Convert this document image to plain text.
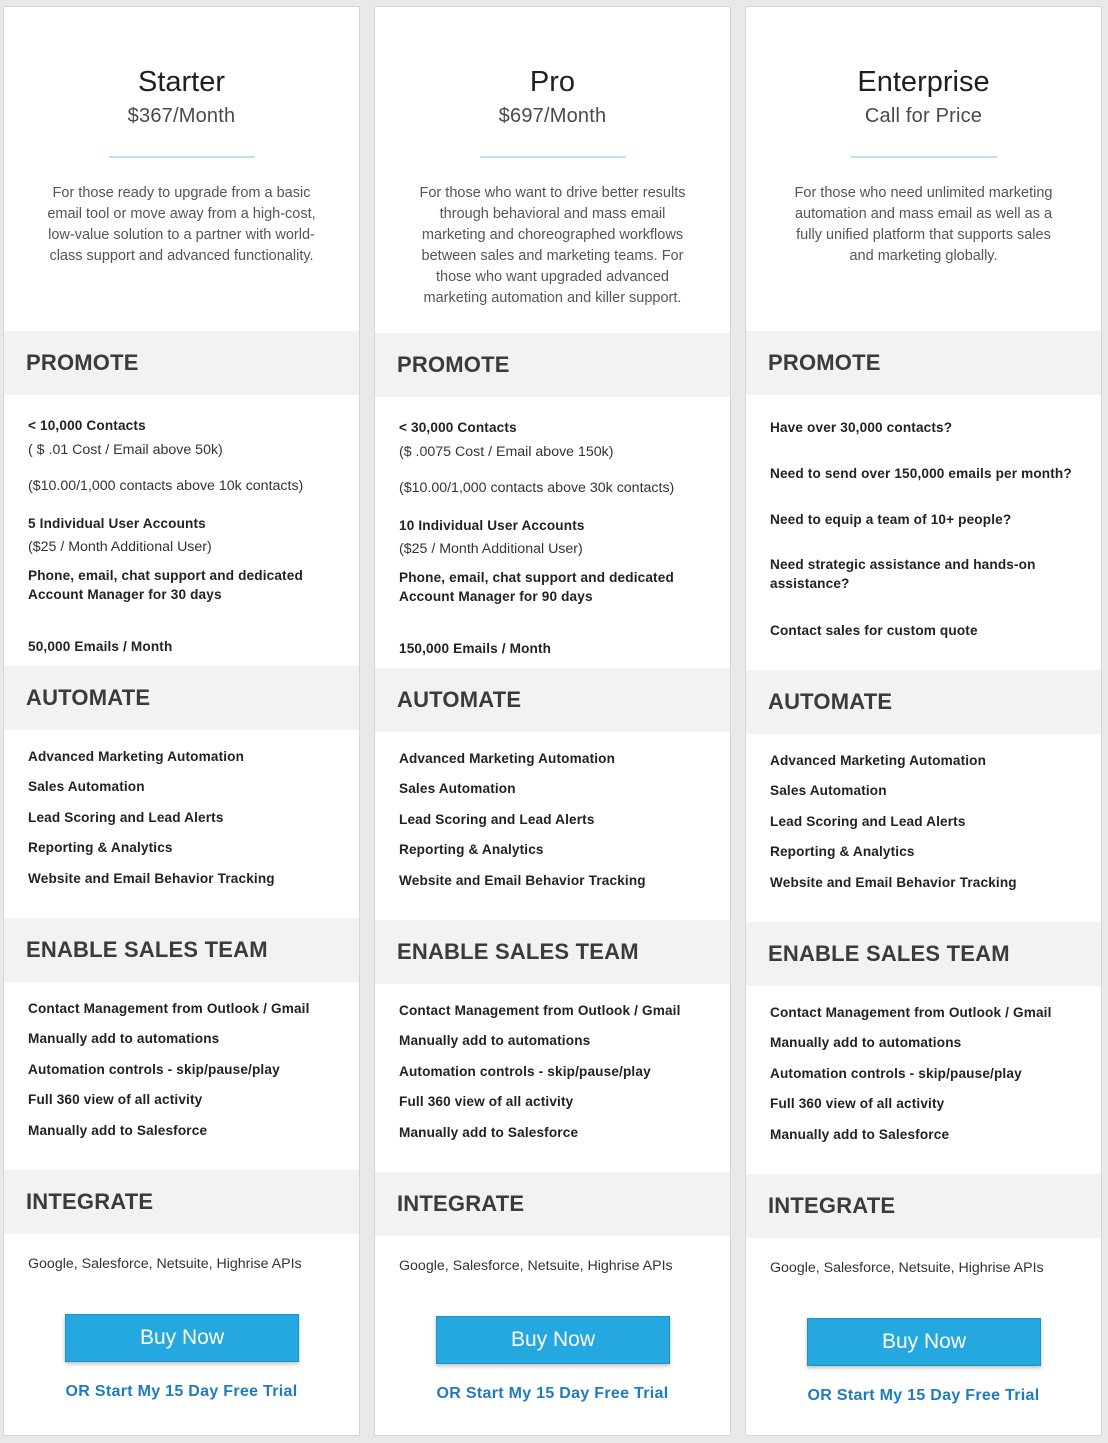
Starter
$367/Month
For those ready to upgrade from a basic email tool or move away from a high-cost, low-value solution to a partner with world-class support and advanced functionality.
PROMOTE
< 10,000 Contacts
( $ .01 Cost / Email above 50k)
($10.00/1,000 contacts above 10k contacts)
5 Individual User Accounts
($25 / Month Additional User)
Phone, email, chat support and dedicated
Account Manager for 30 days
50,000 Emails / Month
AUTOMATE
Advanced Marketing Automation
Sales Automation
Lead Scoring and Lead Alerts
Reporting & Analytics
Website and Email Behavior Tracking
ENABLE SALES TEAM
Contact Management from Outlook / Gmail
Manually add to automations
Automation controls - skip/pause/play
Full 360 view of all activity
Manually add to Salesforce
INTEGRATE
Google, Salesforce, Netsuite, Highrise APIs
Buy Now
OR Start My 15 Day Free Trial
Pro
$697/Month
For those who want to drive better results through behavioral and mass email marketing and choreographed workflows between sales and marketing teams. For those who want upgraded advanced marketing automation and killer support.
PROMOTE
< 30,000 Contacts
($ .0075 Cost / Email above 150k)
($10.00/1,000 contacts above 30k contacts)
10 Individual User Accounts
($25 / Month Additional User)
Phone, email, chat support and dedicated
Account Manager for 90 days
150,000 Emails / Month
AUTOMATE
Advanced Marketing Automation
Sales Automation
Lead Scoring and Lead Alerts
Reporting & Analytics
Website and Email Behavior Tracking
ENABLE SALES TEAM
Contact Management from Outlook / Gmail
Manually add to automations
Automation controls - skip/pause/play
Full 360 view of all activity
Manually add to Salesforce
INTEGRATE
Google, Salesforce, Netsuite, Highrise APIs
Buy Now
OR Start My 15 Day Free Trial
Enterprise
Call for Price
For those who need unlimited marketing automation and mass email as well as a fully unified platform that supports sales and marketing globally.
PROMOTE
Have over 30,000 contacts?
Need to send over 150,000 emails per month?
Need to equip a team of 10+ people?
Need strategic assistance and hands-on
assistance?
Contact sales for custom quote
AUTOMATE
Advanced Marketing Automation
Sales Automation
Lead Scoring and Lead Alerts
Reporting & Analytics
Website and Email Behavior Tracking
ENABLE SALES TEAM
Contact Management from Outlook / Gmail
Manually add to automations
Automation controls - skip/pause/play
Full 360 view of all activity
Manually add to Salesforce
INTEGRATE
Google, Salesforce, Netsuite, Highrise APIs
Buy Now
OR Start My 15 Day Free Trial
